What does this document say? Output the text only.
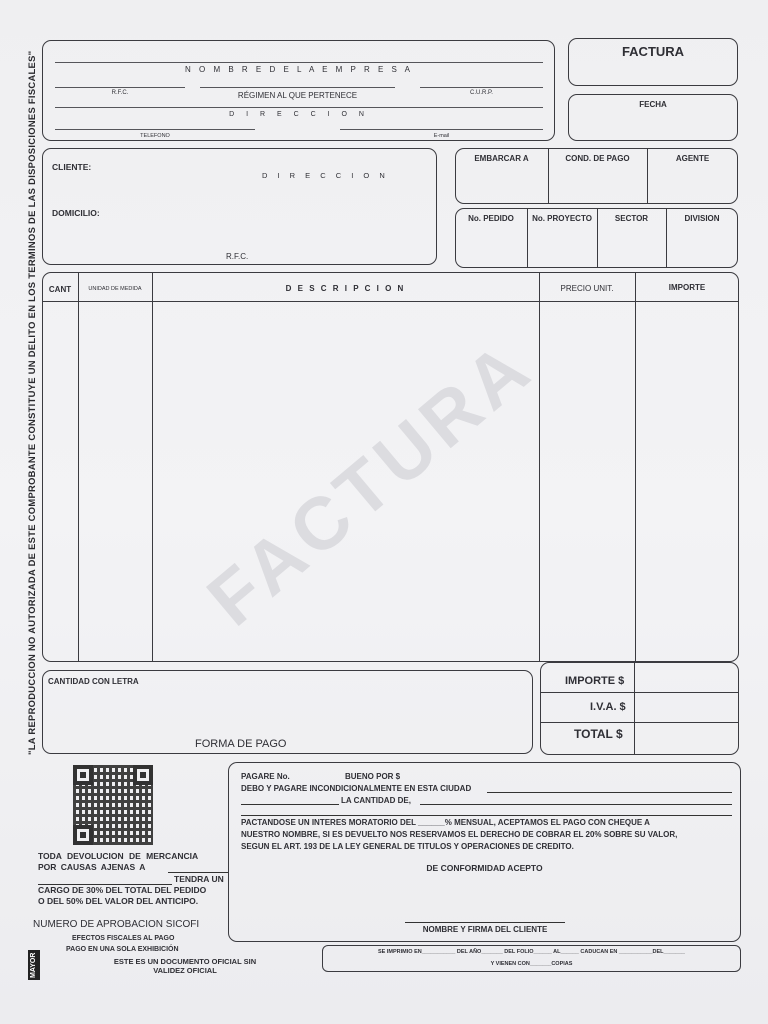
FACTURA
"LA REPRODUCCION NO AUTORIZADA DE ESTE COMPROBANTE CONSTITUYE UN DELITO EN LOS TERMINOS DE LAS DISPOSICIONES FISCALES"	N O M B R E D E L A E M P R E S A
R.F.C.	RÉGIMEN AL QUE PERTENECE	C.U.R.P.
D I R E C C I O N
TELEFONO	E-mail
FACTURA
FECHA
CLIENTE:
D I R E C C I O N
DOMICILIO:
R.F.C.
EMBARCAR A	COND. DE PAGO	AGENTE
No. PEDIDO	No. PROYECTO	SECTOR	DIVISION
CANT	UNIDAD DE MEDIDA	D E S C R I P C I O N	PRECIO UNIT.	IMPORTE
CANTIDAD CON LETRA
FORMA DE PAGO
IMPORTE $
I.V.A. $
TOTAL $
TODA DEVOLUCION DE MERCANCIA
POR CAUSAS AJENAS A
TENDRA UN
CARGO DE 30% DEL TOTAL DEL PEDIDO
O DEL 50% DEL VALOR DEL ANTICIPO.
NUMERO DE APROBACION SICOFI
EFECTOS FISCALES AL PAGO
PAGO EN UNA SOLA EXHIBICIÓN
ESTE ES UN DOCUMENTO OFICIAL SIN
VALIDEZ OFICIAL
MAYOR
PAGARE No.	BUENO POR $
DEBO Y PAGARE INCONDICIONALMENTE EN ESTA CIUDAD
LA CANTIDAD DE,
PACTANDOSE UN INTERES MORATORIO DEL ______% MENSUAL, ACEPTAMOS EL PAGO CON CHEQUE A
NUESTRO NOMBRE, SI ES DEVUELTO NOS RESERVAMOS EL DERECHO DE COBRAR EL 20% SOBRE SU VALOR,
SEGUN EL ART. 193 DE LA LEY GENERAL DE TITULOS Y OPERACIONES DE CREDITO.
DE CONFORMIDAD ACEPTO
NOMBRE Y FIRMA DEL CLIENTE
SE IMPRIMIO EN___________ DEL AÑO_______ DEL FOLIO______ AL______ CADUCAN EN ___________DEL_______
Y VIENEN CON_______COPIAS
